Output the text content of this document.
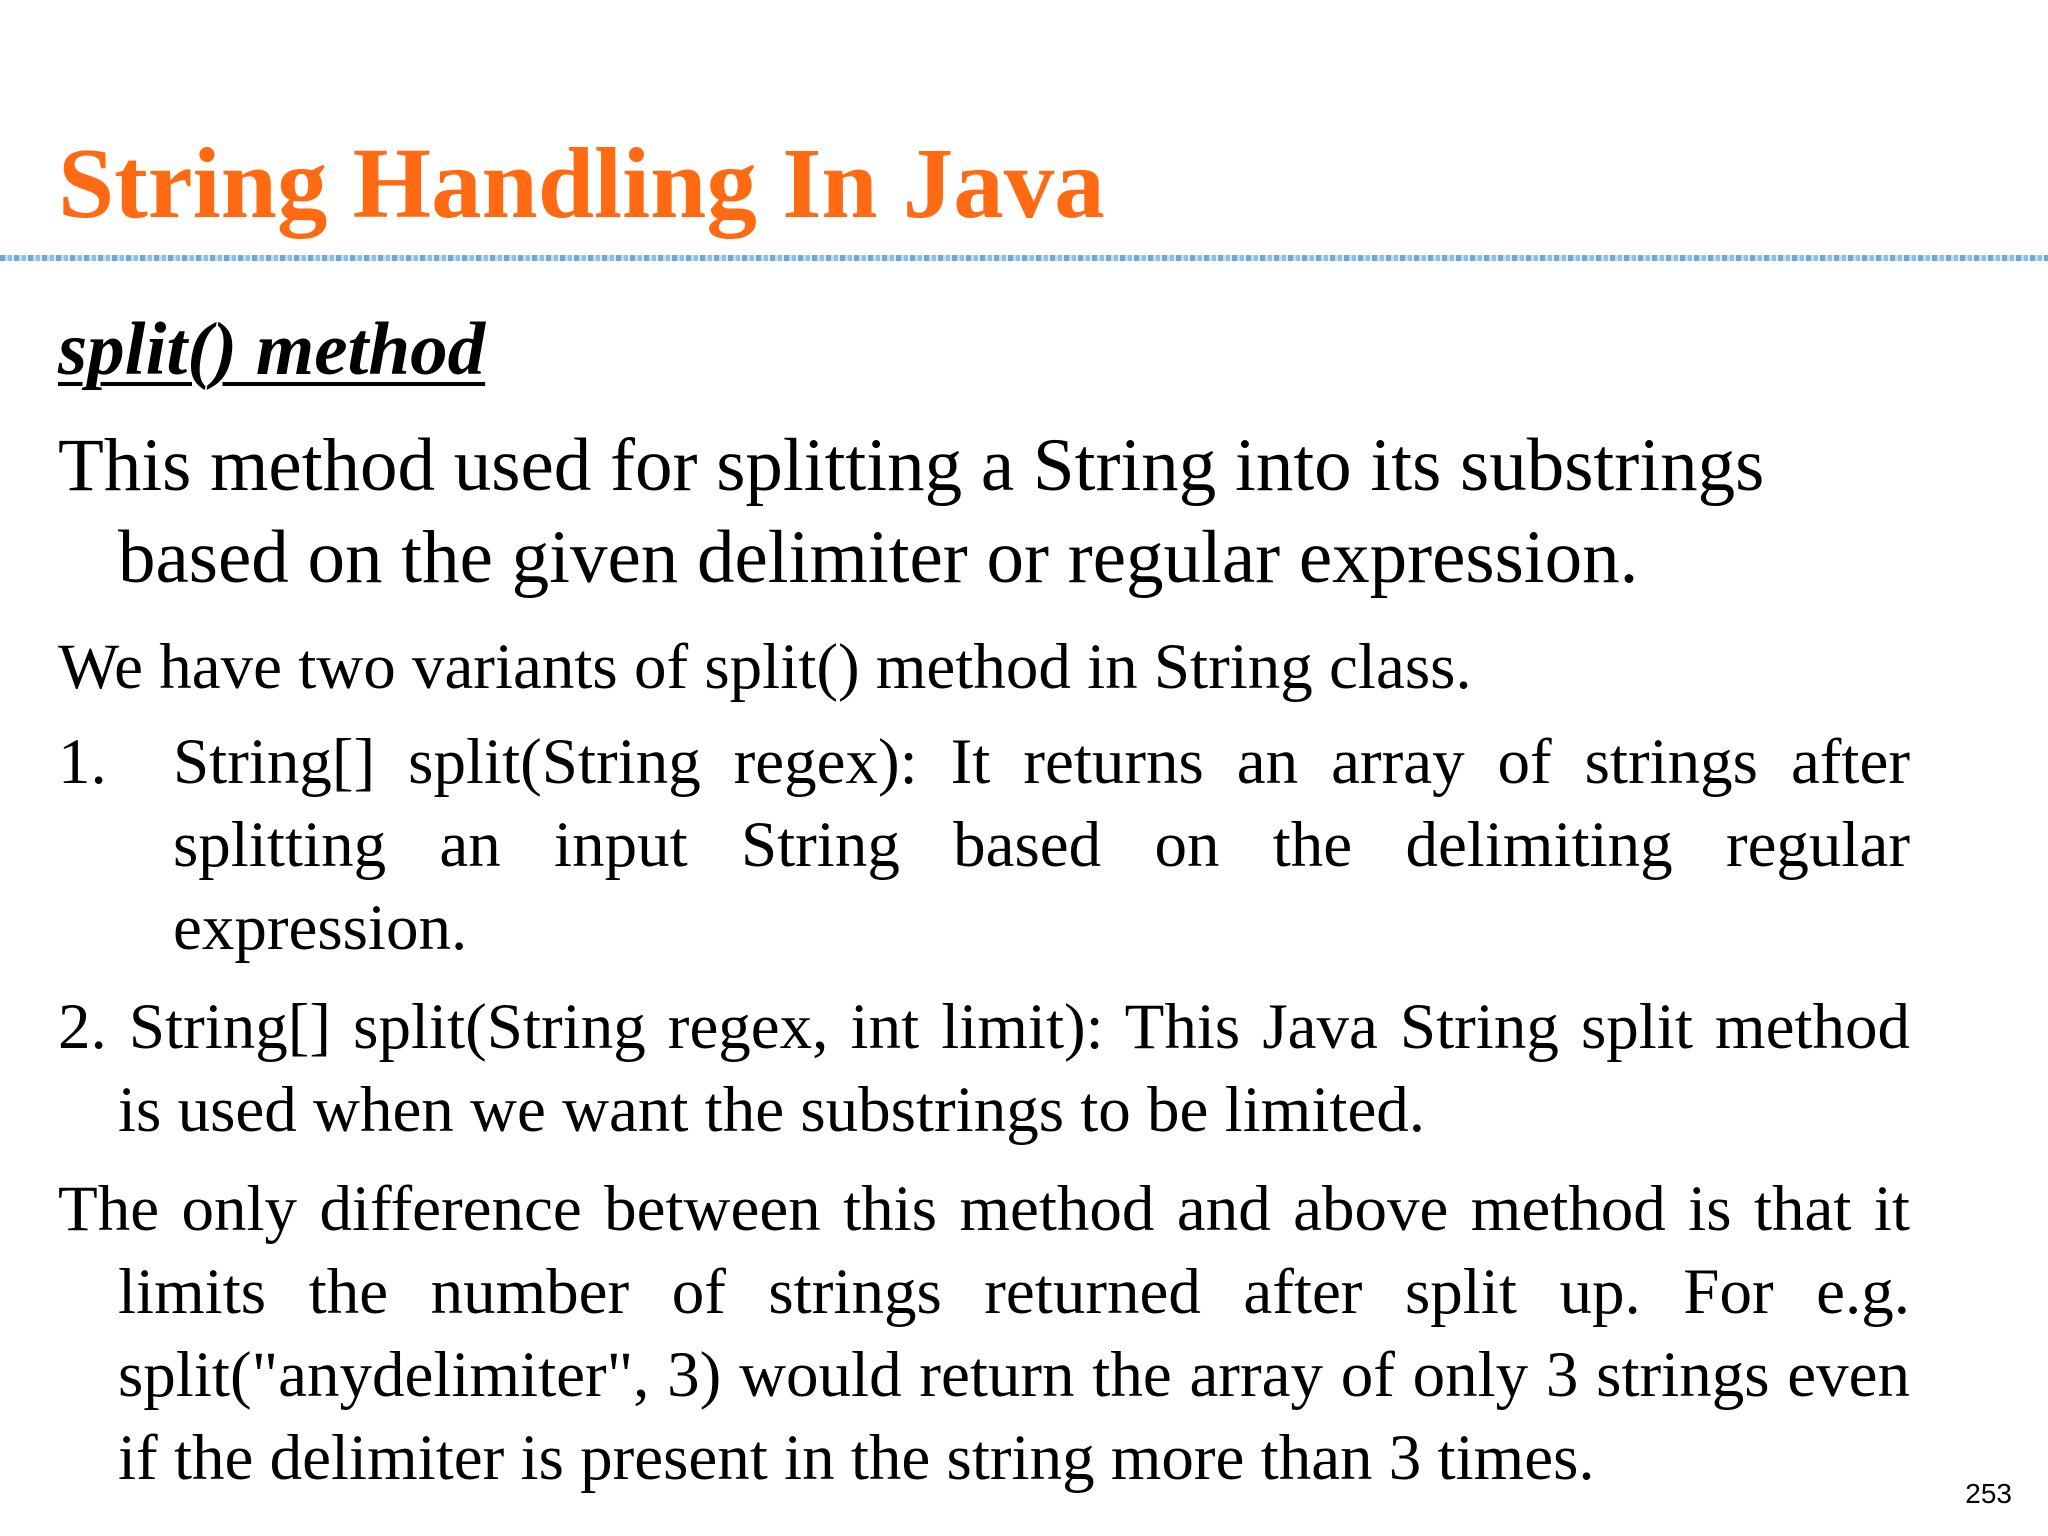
String Handling In Java
split() method
This method used for splitting a String into its substrings based on the given delimiter or regular expression.
We have two variants of split() method in String class.
1. String[] split(String regex): It returns an array of strings after splitting an input String based on the delimiting regular expression.
2. String[] split(String regex, int limit): This Java String split method is used when we want the substrings to be limited.
The only difference between this method and above method is that it limits the number of strings returned after split up. For e.g. split("anydelimiter", 3) would return the array of only 3 strings even if the delimiter is present in the string more than 3 times.	253
